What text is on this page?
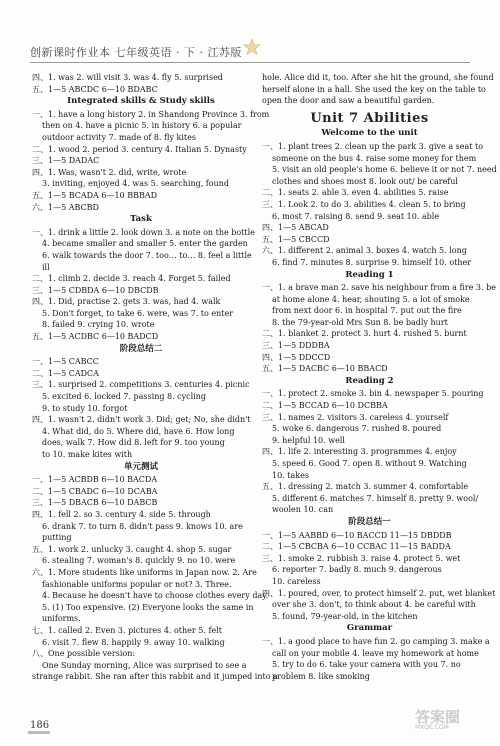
创新课时作业本 七年级英语 · 下 · 江苏版
四、1. was 2. will visit 3. was 4. fly 5. surprised
五、1—5 ABCDC 6—10 BDABC
Integrated skills & Study skills
一、1. have a long history 2. in Shandong Province 3. from
then on 4. have a picnic 5. in history 6. a popular
outdoor activity 7. made of 8. fly kites
二、1. wood 2. period 3. century 4. Italian 5. Dynasty
三、1—5 DADAC
四、1. Was, wasn't 2. did, write, wrote
3. inviting, enjoyed 4. was 5. searching, found
五、1—5 BCADA 6—10 BBBAD
六、1—5 ABCBD
Task
一、1. drink a little 2. look down 3. a note on the bottle
4. became smaller and smaller 5. enter the garden
6. walk towards the door 7. too… to… 8. feel a little
ill
二、1. climb 2. decide 3. reach 4. Forget 5. failed
三、1—5 CDBDA 6—10 DBCDB
四、1. Did, practise 2. gets 3. was, had 4. walk
5. Don't forget, to take 6. were, was 7. to enter
8. failed 9. crying 10. wrote
五、1—5 ACDBC 6—10 BADCD
阶段总结二
一、1—5 CABCC
二、1—5 CADCA
三、1. surprised 2. competitions 3. centuries 4. picnic
5. excited 6. locked 7. passing 8. cycling
9. to study 10. forgot
四、1. wasn't 2. didn't work 3. Did; get; No, she didn't
4. What did, do 5. Where did, have 6. How long
does, walk 7. How did 8. left for 9. too young
to 10. make kites with
单元测试
一、1—5 ACBDB 6—10 BACDA
二、1—5 CBADC 6—10 DCABA
三、1—5 DBACB 6—10 DABCB
四、1. fell 2. so 3. century 4. side 5. through
6. drank 7. to turn 8. didn't pass 9. knows 10. are
putting
五、1. work 2. unlucky 3. caught 4. shop 5. sugar
6. stealing 7. woman's 8. quickly 9. no 10. were
六、1. More students like uniforms in Japan now. 2. Are
fashionable uniforms popular or not? 3. Three.
4. Because he doesn't have to choose clothes every day.
5. (1) Too expensive. (2) Everyone looks the same in
uniforms.
七、1. called 2. Even 3. pictures 4. other 5. felt
6. visit 7. flew 8. happily 9. away 10. walking
八、One possible version:
One Sunday morning, Alice was surprised to see a
strange rabbit. She ran after this rabbit and it jumped into a
hole. Alice did it, too. After she hit the ground, she found
herself alone in a hall. She used the key on the table to
open the door and saw a beautiful garden.
Unit 7 Abilities
Welcome to the unit
一、1. plant trees 2. clean up the park 3. give a seat to
someone on the bus 4. raise some money for them
5. visit an old people's home 6. believe it or not 7. need
clothes and shoes most 8. look out/ be careful
二、1. seats 2. able 3. even 4. abilities 5. raise
三、1. Look 2. to do 3. abilities 4. clean 5. to bring
6. most 7. raising 8. send 9. seat 10. able
四、1—5 ABCAD
五、1—5 CBCCD
六、1. different 2. animal 3. boxes 4. watch 5. long
6. find 7. minutes 8. surprise 9. himself 10. other
Reading 1
一、1. a brave man 2. save his neighbour from a fire 3. be
at home alone 4. hear, shouting 5. a lot of smoke
from next door 6. in hospital 7. put out the fire
8. the 79-year-old Mrs Sun 8. be badly hurt
二、1. blanket 2. protect 3. hurt 4. rushed 5. burnt
三、1—5 DDDBA
四、1—5 DDCCD
五、1—5 DACBC 6—10 BBACD
Reading 2
一、1. protect 2. smoke 3. bin 4. newspaper 5. pouring
二、1—5 BCCAD 6—10 DCBBA
三、1. names 2. visitors 3. careless 4. yourself
5. woke 6. dangerous 7. rushed 8. poured
9. helpful 10. well
四、1. life 2. interesting 3. programmes 4. enjoy
5. speed 6. Good 7. open 8. without 9. Watching
10. takes
五、1. dressing 2. match 3. summer 4. comfortable
5. different 6. matches 7. himself 8. pretty 9. wool/
woolen 10. can
阶段总结一
一、1—5 AABBD 6—10 BACCD 11—15 DBDDB
二、1—5 CBCBA 6—10 CCBAC 11—15 BADDA
三、1. smoke 2. rubbish 3. raise 4. protect 5. wet
6. reporter 7. badly 8. much 9. dangerous
10. careless
四、1. poured, over, to protect himself 2. put, wet blanket
over she 3. don't, to think about 4. be careful with
5. found, 79-year-old, in the kitchen
Grammar
一、1. a good place to have fun 2. go camping 3. make a
call on your mobile 4. leave my homework at home
5. try to do 6. take your camera with you 7. no
problem 8. like smoking
186	答案圈
MXQE.COM
